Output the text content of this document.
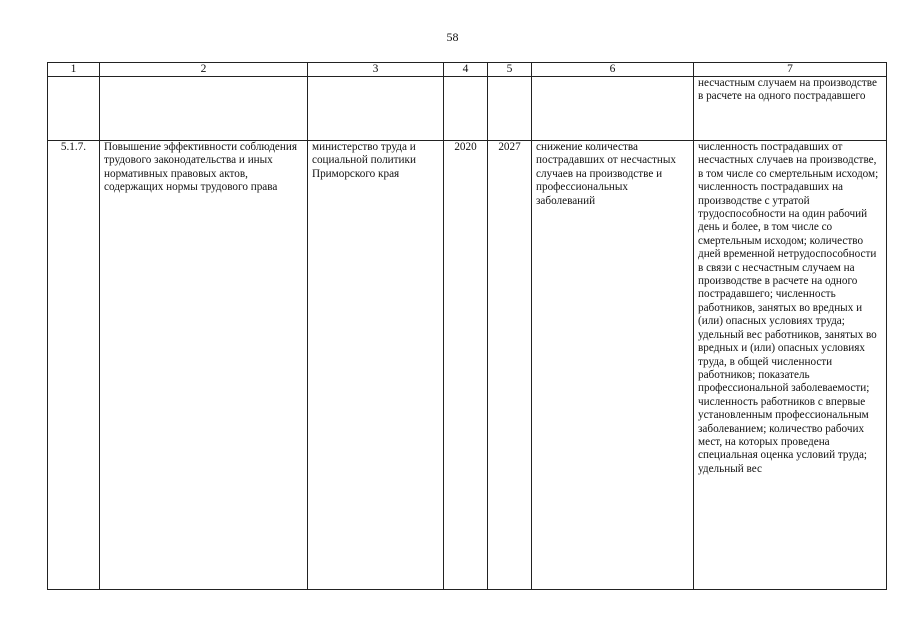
58
1	2	3	4	5	6	7
						несчастным случаем на производстве в расчете на одного пострадавшего
5.1.7.	Повышение эффективности соблюдения трудового законодательства и иных нормативных правовых актов, содержащих нормы трудового права	министерство труда и социальной политики Приморского края	2020	2027	снижение количества пострадавших от несчастных случаев на производстве и профессиональных заболеваний	численность пострадавших от несчастных случаев на производстве, в том числе со смертельным исходом; численность пострадавших на производстве с утратой трудоспособности на один рабочий день и более, в том числе со смертельным исходом; количество дней временной нетрудоспособности в связи с несчастным случаем на производстве в расчете на одного пострадавшего; численность работников, занятых во вредных и (или) опасных условиях труда; удельный вес работников, занятых во вредных и (или) опасных условиях труда, в общей численности работников; показатель профессиональной заболеваемости; численность работников с впервые установленным профессиональным заболеванием; количество рабочих мест, на которых проведена специальная оценка условий труда; удельный вес
